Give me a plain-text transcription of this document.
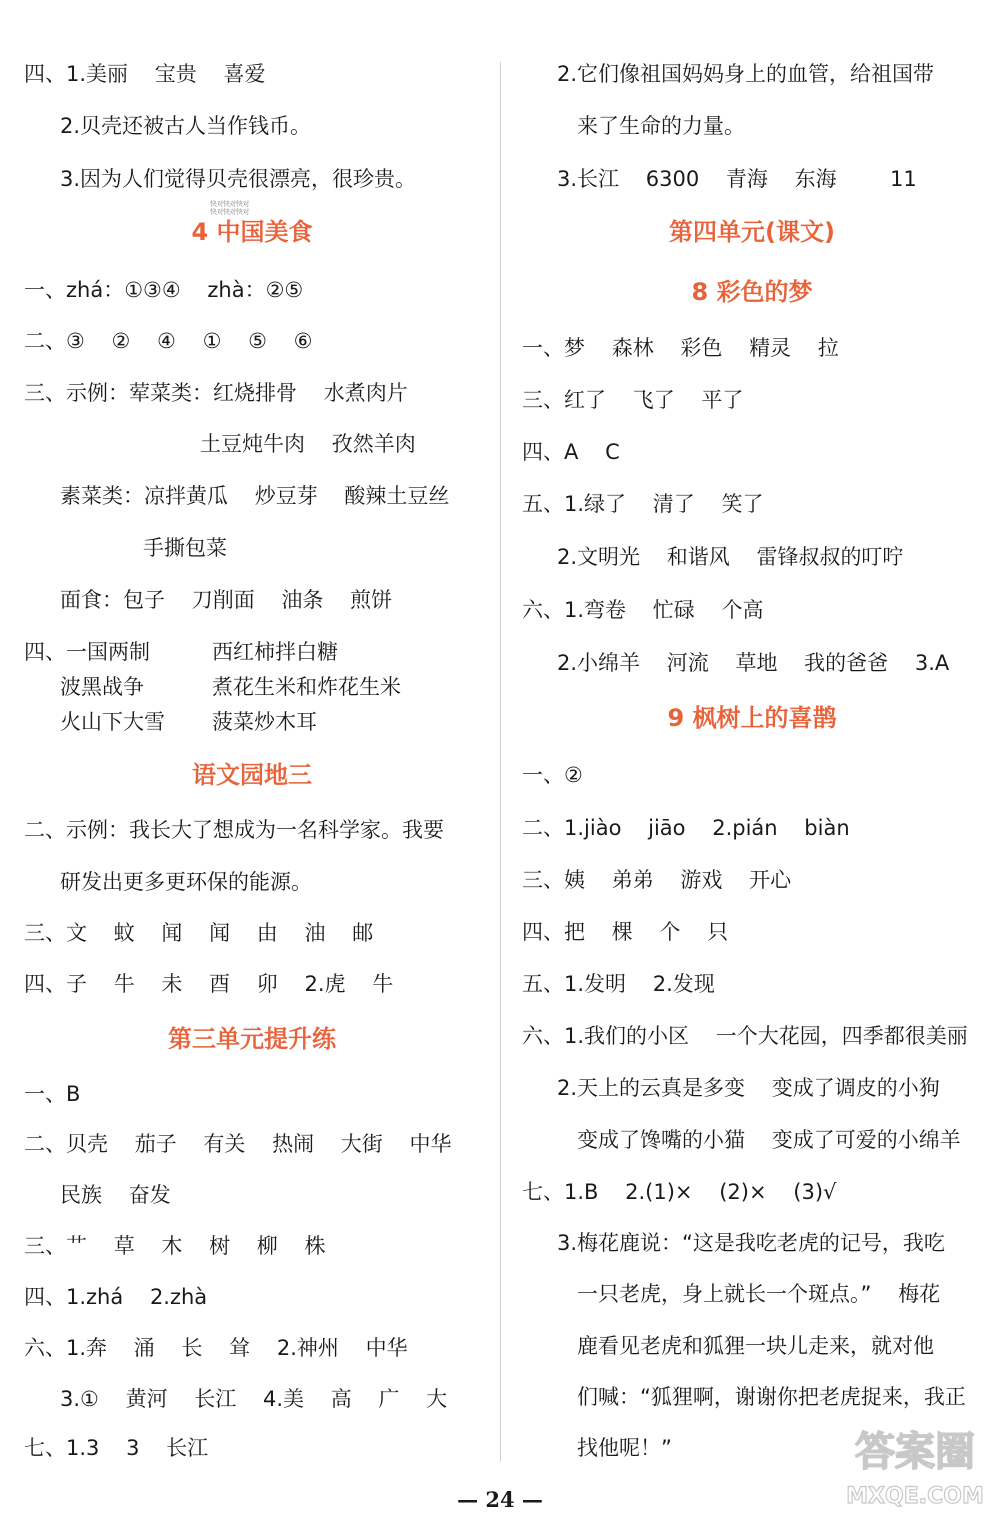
四、1.美丽    宝贵    喜爱
2.贝壳还被古人当作钱币。
3.因为人们觉得贝壳很漂亮，很珍贵。
快对快对快对
快对快对快对
4 中国美食
一、zhá：①③④    zhà：②⑤
二、③    ②    ④    ①    ⑤    ⑥
三、示例：荤菜类：红烧排骨    水煮肉片
土豆炖牛肉    孜然羊肉
素菜类：凉拌黄瓜    炒豆芽    酸辣土豆丝
手撕包菜
面食：包子    刀削面    油条    煎饼
四、一国两制	西红柿拌白糖
波黑战争	煮花生米和炸花生米
火山下大雪 菠菜炒木耳
语文园地三
二、示例：我长大了想成为一名科学家。我要
研发出更多更环保的能源。
三、文    蚊    闻    闻    由    油    邮
四、子    牛    未    酉    卯    2.虎    牛
第三单元提升练
一、B
二、贝壳    茄子    有关    热闹    大街    中华
民族    奋发
三、艹    草    木    树    柳    株
四、1.zhá    2.zhà
六、1.奔    涌    长    耸    2.神州    中华
3.①    黄河    长江    4.美    高    广    大
七、1.3    3    长江
2.它们像祖国妈妈身上的血管，给祖国带
来了生命的力量。
3.长江    6300    青海    东海        11
第四单元(课文)
8 彩色的梦
一、梦    森林    彩色    精灵    拉
三、红了    飞了    平了
四、A    C
五、1.绿了    清了    笑了
2.文明光    和谐风    雷锋叔叔的叮咛
六、1.弯卷    忙碌    个高
2.小绵羊    河流    草地    我的爸爸    3.A
9 枫树上的喜鹊
一、②
二、1.jiào    jiāo    2.pián    biàn
三、姨    弟弟    游戏    开心
四、把    棵    个    只
五、1.发明    2.发现
六、1.我们的小区    一个大花园，四季都很美丽
2.天上的云真是多变    变成了调皮的小狗
变成了馋嘴的小猫    变成了可爱的小绵羊
七、1.B    2.(1)×    (2)×    (3)√
3.梅花鹿说：“这是我吃老虎的记号，我吃
一只老虎，身上就长一个斑点。”    梅花
鹿看见老虎和狐狸一块儿走来，就对他
们喊：“狐狸啊，谢谢你把老虎捉来，我正
找他呢！”
— 24 —
答案圈
MXQE.COM
